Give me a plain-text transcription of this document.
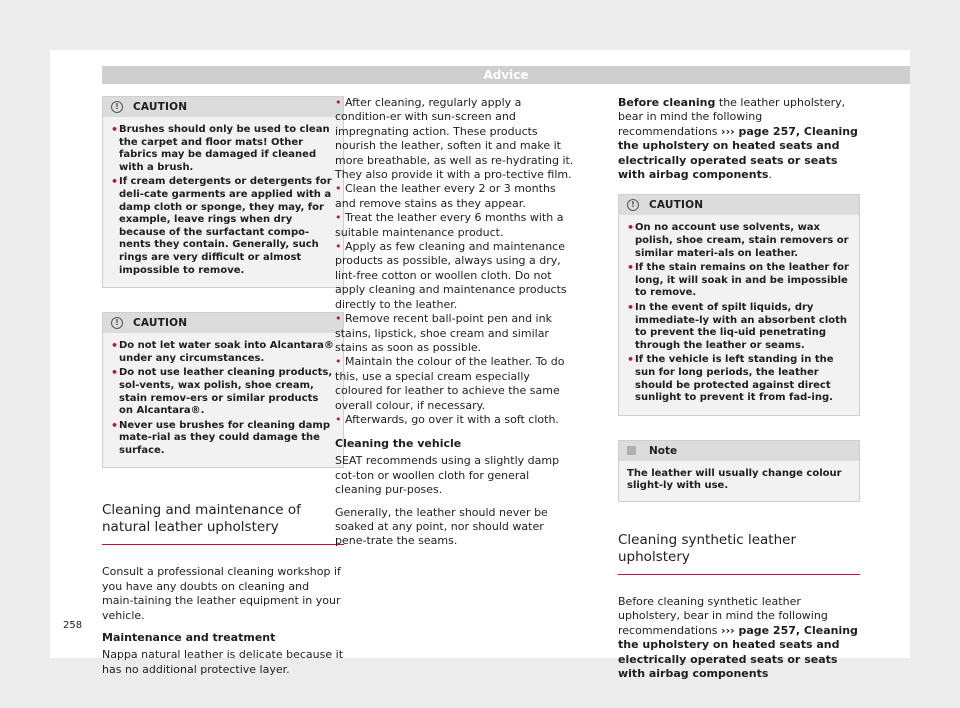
Advice
!	CAUTION
• Brushes should only be used to clean the carpet and floor mats! Other fabrics may be damaged if cleaned with a brush.
• If cream detergents or detergents for deli-cate garments are applied with a damp cloth or sponge, they may, for example, leave rings when dry because of the surfactant compo-nents they contain. Generally, such rings are very difficult or almost impossible to remove.
!	CAUTION
• Do not let water soak into Alcantara® under any circumstances.
• Do not use leather cleaning products, sol-vents, wax polish, shoe cream, stain remov-ers or similar products on Alcantara®.
• Never use brushes for cleaning damp mate-rial as they could damage the surface.
Cleaning and maintenance of natural leather upholstery

Consult a professional cleaning workshop if you have any doubts on cleaning and main-taining the leather equipment in your vehicle.

Maintenance and treatment

Nappa natural leather is delicate because it has no additional protective layer.

• After cleaning, regularly apply a condition-er with sun-screen and impregnating action. These products nourish the leather, soften it and make it more breathable, as well as re-hydrating it. They also provide it with a pro-tective film.

• Clean the leather every 2 or 3 months and remove stains as they appear.

• Treat the leather every 6 months with a suitable maintenance product.

• Apply as few cleaning and maintenance products as possible, always using a dry, lint-free cotton or woollen cloth. Do not apply cleaning and maintenance products directly to the leather.

• Remove recent ball-point pen and ink stains, lipstick, shoe cream and similar stains as soon as possible.

• Maintain the colour of the leather. To do this, use a special cream especially coloured for leather to achieve the same overall colour, if necessary.

• Afterwards, go over it with a soft cloth.

Cleaning the vehicle

SEAT recommends using a slightly damp cot-ton or woollen cloth for general cleaning pur-poses.

Generally, the leather should never be soaked at any point, nor should water pene-trate the seams.

Before cleaning the leather upholstery, bear in mind the following recommendations ››› page 257, Cleaning the upholstery on heated seats and electrically operated seats or seats with airbag components.

!	CAUTION
• On no account use solvents, wax polish, shoe cream, stain removers or similar materi-als on leather.
• If the stain remains on the leather for long, it will soak in and be impossible to remove.
• In the event of spilt liquids, dry immediate-ly with an absorbent cloth to prevent the liq-uid penetrating through the leather or seams.
• If the vehicle is left standing in the sun for long periods, the leather should be protected against direct sunlight to prevent it from fad-ing.
Note
The leather will usually change colour slight-ly with use.
Cleaning synthetic leather upholstery

Before cleaning synthetic leather upholstery, bear in mind the following recommendations ››› page 257, Cleaning the upholstery on heated seats and electrically operated seats or seats with airbag components

258
